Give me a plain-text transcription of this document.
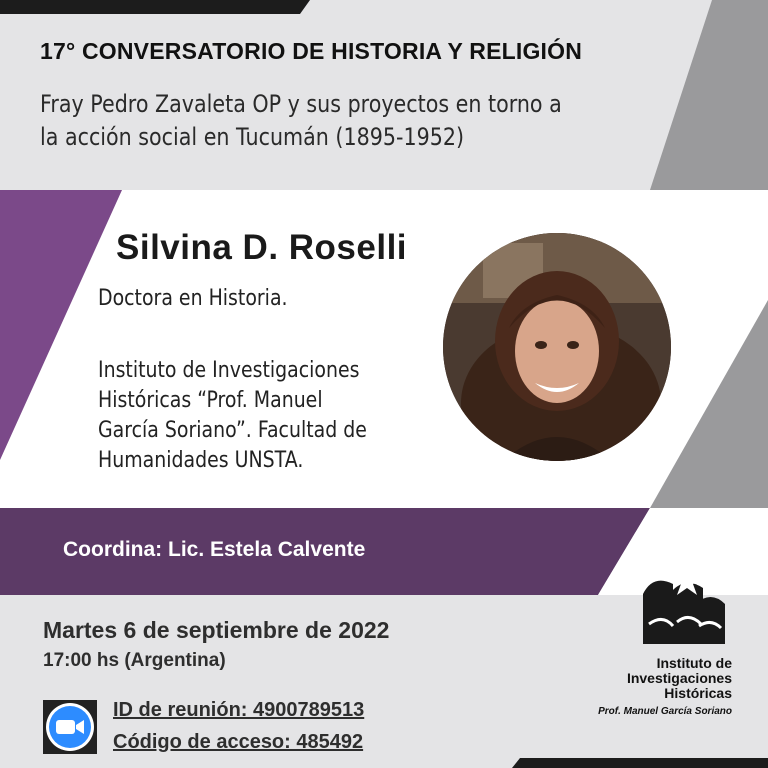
17° CONVERSATORIO DE HISTORIA Y RELIGIÓN
Fray Pedro Zavaleta OP y sus proyectos en torno a
la acción social en Tucumán (1895-1952)
Silvina D. Roselli
Doctora en Historia.
Instituto de Investigaciones
Históricas “Prof. Manuel
García Soriano”. Facultad de
Humanidades UNSTA.
Coordina: Lic. Estela Calvente
Martes 6 de septiembre de 2022
17:00 hs (Argentina)
ID de reunión: 4900789513
Código de acceso: 485492
Instituto de
Investigaciones
Históricas
Prof. Manuel García Soriano
